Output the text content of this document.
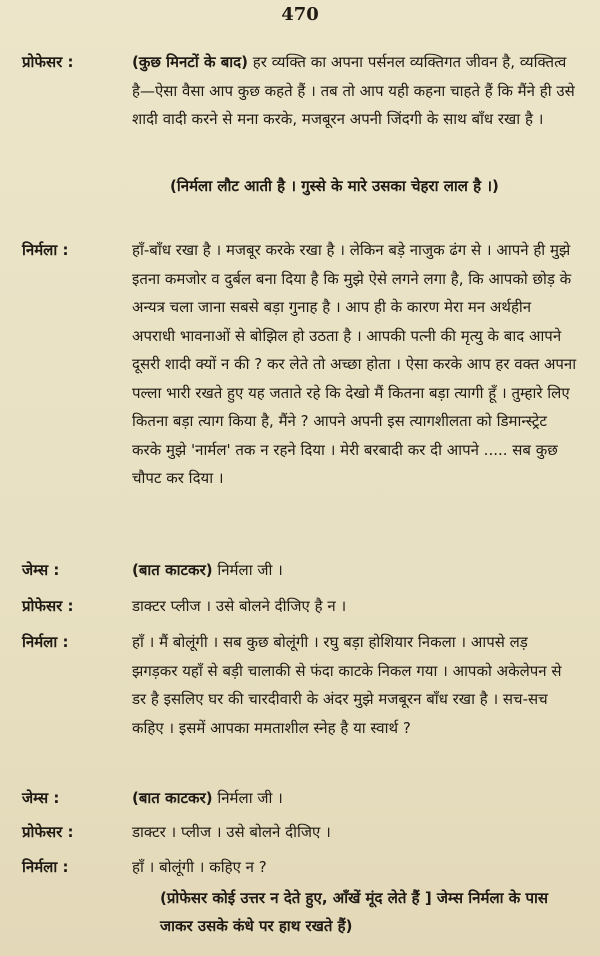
470
प्रोफेसर :	(कुछ मिनटों के बाद) हर व्यक्ति का अपना पर्सनल व्यक्तिगत जीवन है, व्यक्तित्व है—ऐसा वैसा आप कुछ कहते हैं । तब तो आप यही कहना चाहते हैं कि मैंने ही उसे शादी वादी करने से मना करके, मजबूरन अपनी जिंदगी के साथ बाँध रखा है ।
(निर्मला लौट आती है । गुस्से के मारे उसका चेहरा लाल है ।)
निर्मला :	हाँ-बाँध रखा है । मजबूर करके रखा है । लेकिन बड़े नाजुक ढंग से । आपने ही मुझे इतना कमजोर व दुर्बल बना दिया है कि मुझे ऐसे लगने लगा है, कि आपको छोड़ के अन्यत्र चला जाना सबसे बड़ा गुनाह है । आप ही के कारण मेरा मन अर्थहीन अपराधी भावनाओं से बोझिल हो उठता है । आपकी पत्नी की मृत्यु के बाद आपने दूसरी शादी क्यों न की ? कर लेते तो अच्छा होता । ऐसा करके आप हर वक्त अपना पल्ला भारी रखते हुए यह जताते रहे कि देखो मैं कितना बड़ा त्यागी हूँ । तुम्हारे लिए कितना बड़ा त्याग किया है, मैंने ? आपने अपनी इस त्यागशीलता को डिमान्स्ट्रेट करके मुझे 'नार्मल' तक न रहने दिया । मेरी बरबादी कर दी आपने ..... सब कुछ चौपट कर दिया ।
जेम्स :	(बात काटकर) निर्मला जी ।
प्रोफेसर :	डाक्टर प्लीज । उसे बोलने दीजिए है न ।
निर्मला :	हाँ । मैं बोलूंगी । सब कुछ बोलूंगी । रघु बड़ा होशियार निकला । आपसे लड़ झगड़कर यहाँ से बड़ी चालाकी से फंदा काटके निकल गया । आपको अकेलेपन से डर है इसलिए घर की चारदीवारी के अंदर मुझे मजबूरन बाँध रखा है । सच-सच कहिए । इसमें आपका ममताशील स्नेह है या स्वार्थ ?
जेम्स :	(बात काटकर) निर्मला जी ।
प्रोफेसर :	डाक्टर । प्लीज । उसे बोलने दीजिए ।
निर्मला :	हाँ । बोलूंगी । कहिए न ?
(प्रोफेसर कोई उत्तर न देते हुए, आँखें मूंद लेते हैं ] जेम्स निर्मला के पास जाकर उसके कंधे पर हाथ रखते हैं)
